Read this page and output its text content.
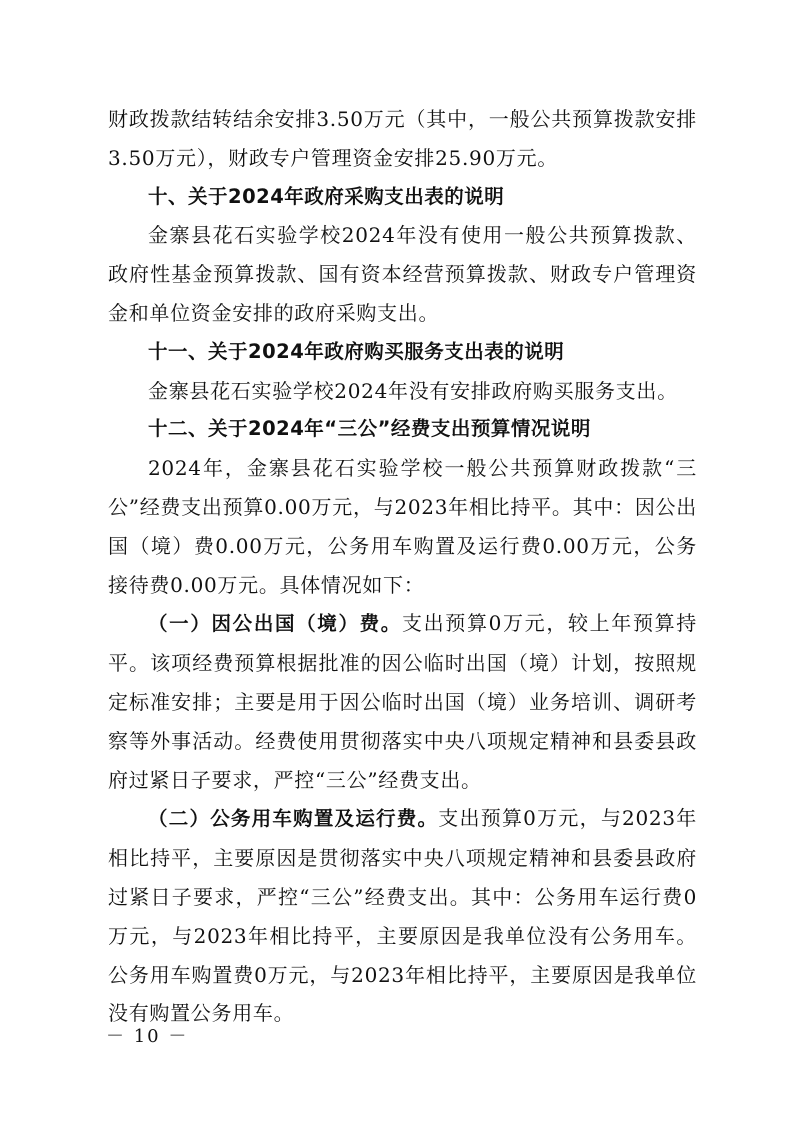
财政拨款结转结余安排3.50万元（其中，一般公共预算拨款安排3.50万元），财政专户管理资金安排25.90万元。

十、关于2024年政府采购支出表的说明

金寨县花石实验学校2024年没有使用一般公共预算拨款、政府性基金预算拨款、国有资本经营预算拨款、财政专户管理资金和单位资金安排的政府采购支出。

十一、关于2024年政府购买服务支出表的说明

金寨县花石实验学校2024年没有安排政府购买服务支出。

十二、关于2024年“三公”经费支出预算情况说明

2024年，金寨县花石实验学校一般公共预算财政拨款“三公”经费支出预算0.00万元，与2023年相比持平。其中：因公出国（境）费0.00万元，公务用车购置及运行费0.00万元，公务接待费0.00万元。具体情况如下：

（一）因公出国（境）费。支出预算0万元，较上年预算持平。该项经费预算根据批准的因公临时出国（境）计划，按照规定标准安排；主要是用于因公临时出国（境）业务培训、调研考察等外事活动。经费使用贯彻落实中央八项规定精神和县委县政府过紧日子要求，严控“三公”经费支出。

（二）公务用车购置及运行费。支出预算0万元，与2023年相比持平，主要原因是贯彻落实中央八项规定精神和县委县政府过紧日子要求，严控“三公”经费支出。其中：公务用车运行费0万元，与2023年相比持平，主要原因是我单位没有公务用车。公务用车购置费0万元，与2023年相比持平，主要原因是我单位没有购置公务用车。

－ 10 －
